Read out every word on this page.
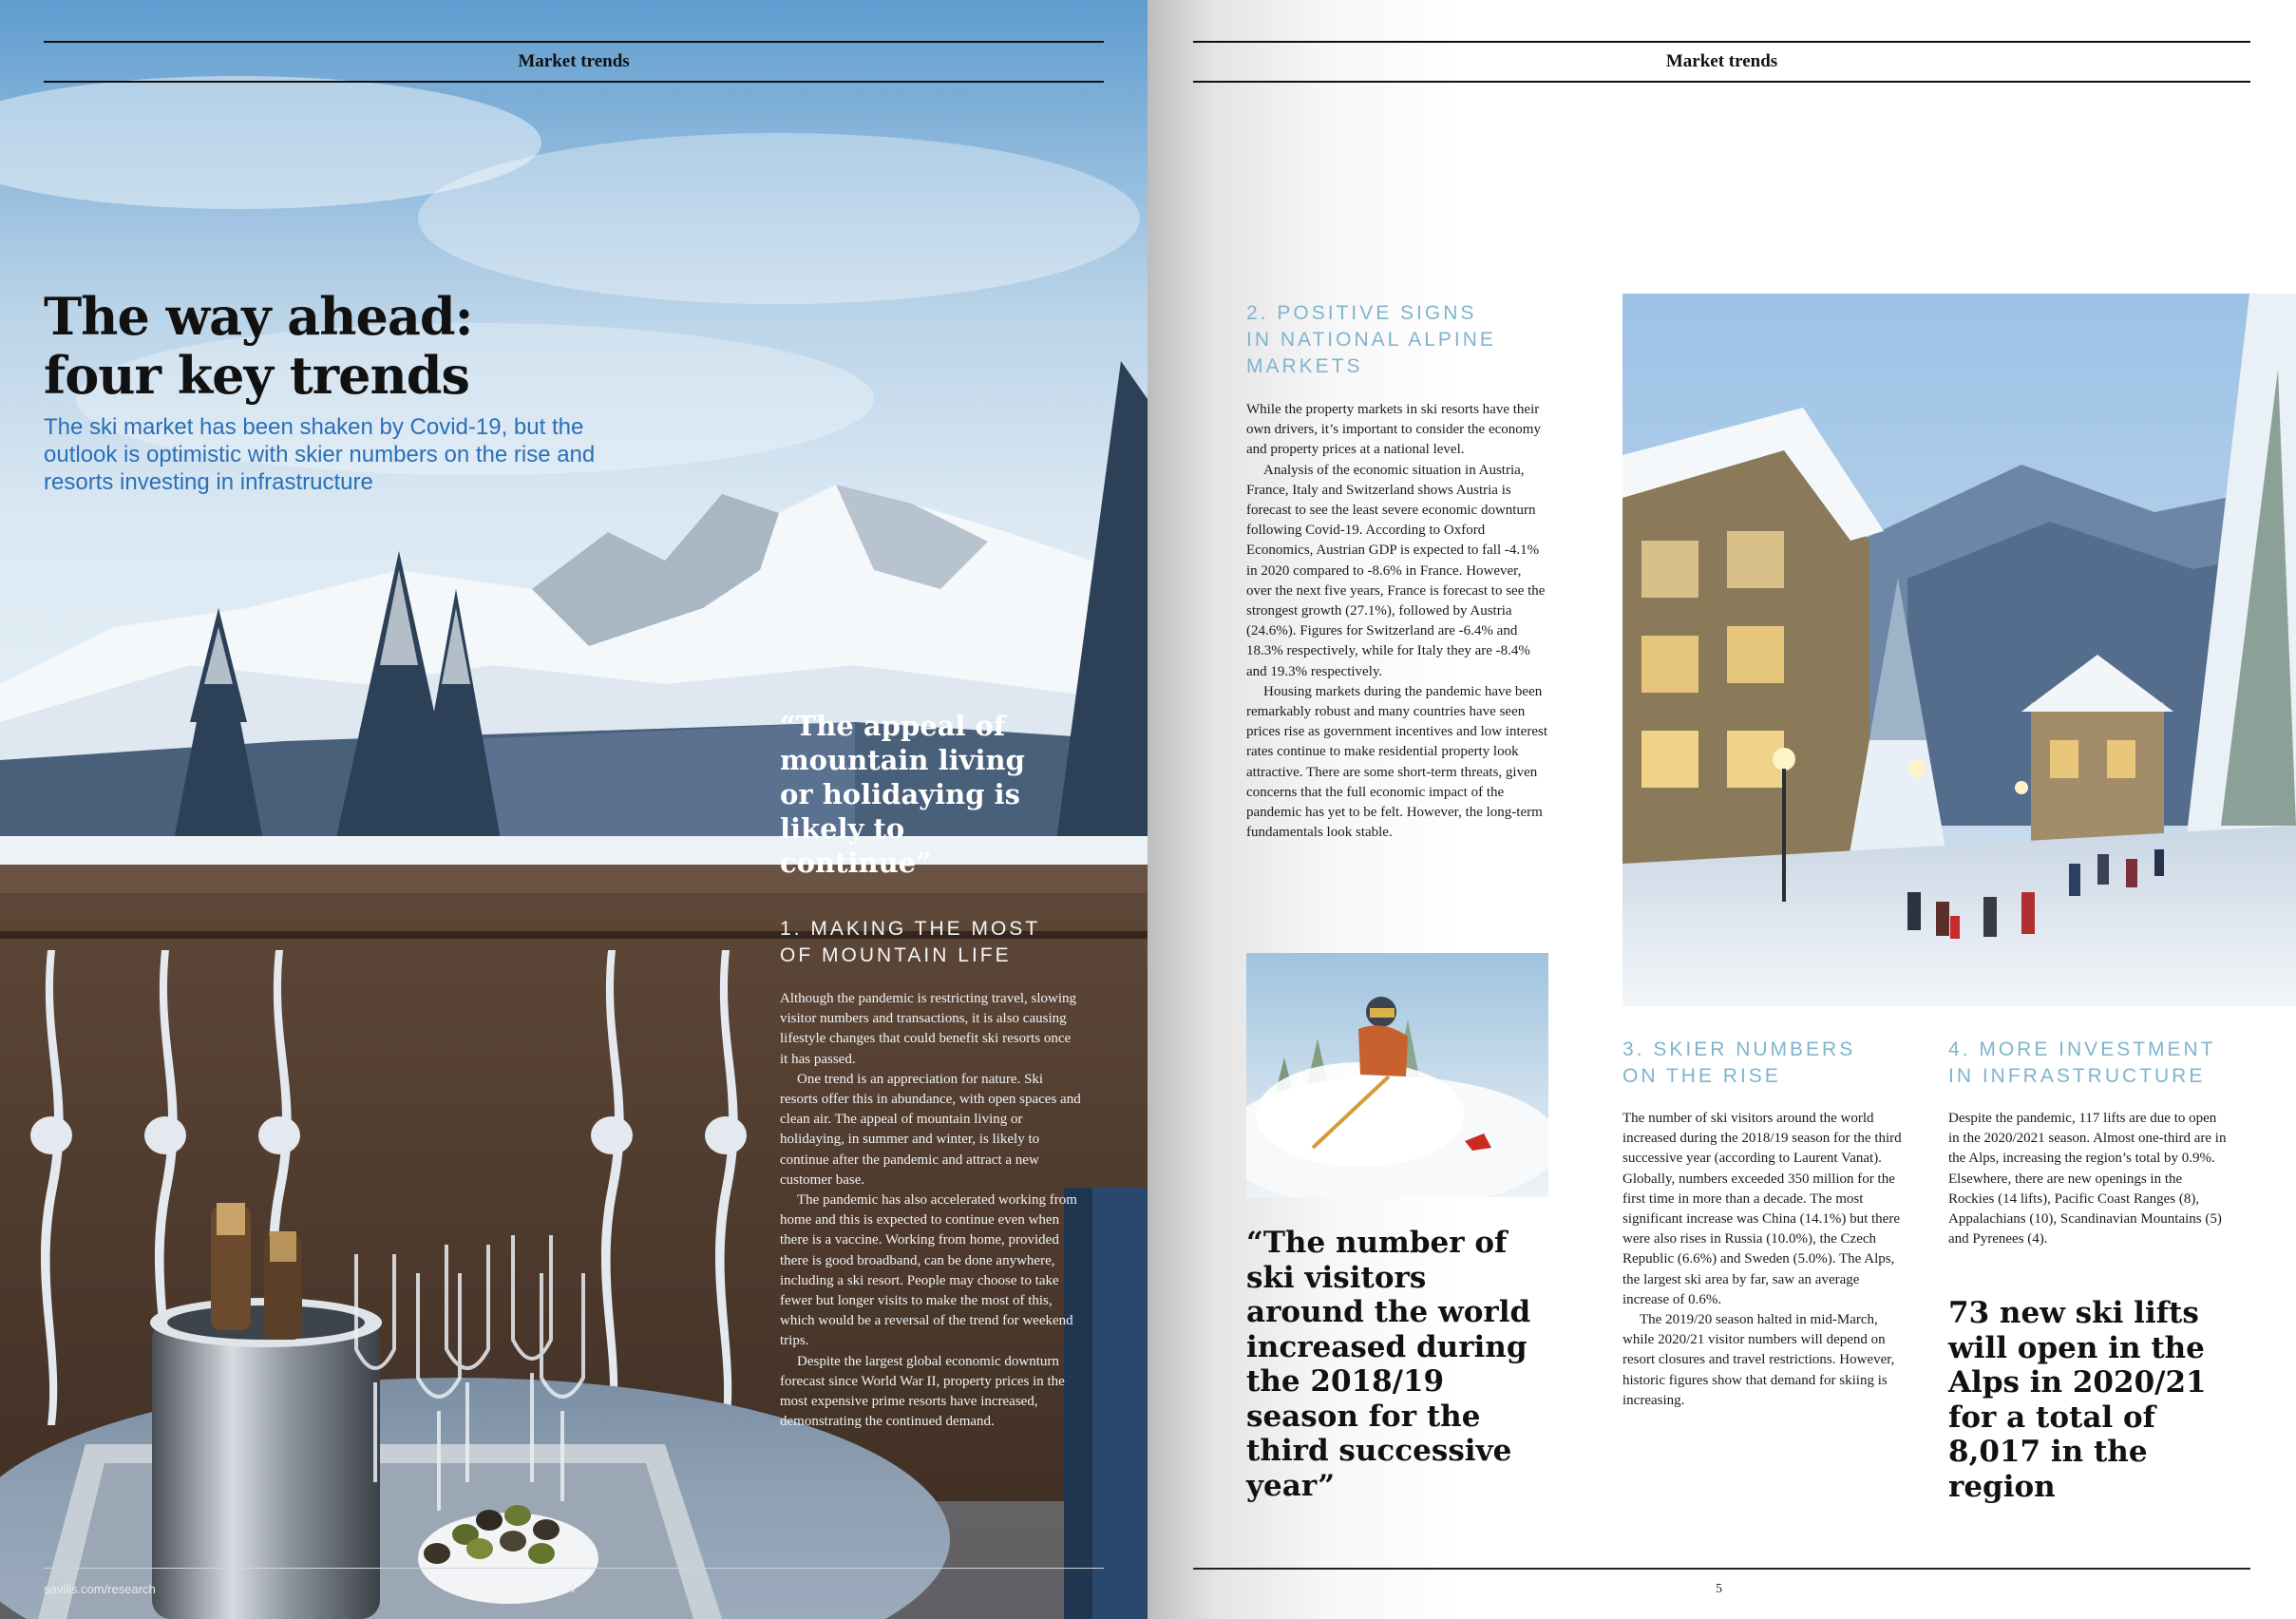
Market trends
The way ahead:
four key trends
The ski market has been shaken by Covid-19, but the outlook is optimistic with skier numbers on the rise and resorts investing in infrastructure
“The appeal of mountain living or holidaying is likely to continue”
1. MAKING THE MOST
OF MOUNTAIN LIFE

Although the pandemic is restricting travel, slowing visitor numbers and transactions, it is also causing lifestyle changes that could benefit ski resorts once it has passed.

One trend is an appreciation for nature. Ski resorts offer this in abundance, with open spaces and clean air. The appeal of mountain living or holidaying, in summer and winter, is likely to continue after the pandemic and attract a new customer base.

The pandemic has also accelerated working from home and this is expected to continue even when there is a vaccine. Working from home, provided there is good broadband, can be done anywhere, including a ski resort. People may choose to take fewer but longer visits to make the most of this, which would be a reversal of the trend for weekend trips.

Despite the largest global economic downturn forecast since World War II, property prices in the most expensive prime resorts have increased, demonstrating the continued demand.

savills.com/research	4
Market trends
2. POSITIVE SIGNS
IN NATIONAL ALPINE
MARKETS

While the property markets in ski resorts have their own drivers, it’s important to consider the economy and property prices at a national level.

Analysis of the economic situation in Austria, France, Italy and Switzerland shows Austria is forecast to see the least severe economic downturn following Covid-19. According to Oxford Economics, Austrian GDP is expected to fall -4.1% in 2020 compared to -8.6% in France. However, over the next five years, France is forecast to see the strongest growth (27.1%), followed by Austria (24.6%). Figures for Switzerland are -6.4% and 18.3% respectively, while for Italy they are -8.4% and 19.3% respectively.

Housing markets during the pandemic have been remarkably robust and many countries have seen prices rise as government incentives and low interest rates continue to make residential property look attractive. There are some short-term threats, given concerns that the full economic impact of the pandemic has yet to be felt. However, the long-term fundamentals look stable.

“The number of ski visitors around the world increased during the 2018/19 season for the third successive year”
3. SKIER NUMBERS
ON THE RISE

The number of ski visitors around the world increased during the 2018/19 season for the third successive year (according to Laurent Vanat). Globally, numbers exceeded 350 million for the first time in more than a decade. The most significant increase was China (14.1%) but there were also rises in Russia (10.0%), the Czech Republic (6.6%) and Sweden (5.0%). The Alps, the largest ski area by far, saw an average increase of 0.6%.

The 2019/20 season halted in mid-March, while 2020/21 visitor numbers will depend on resort closures and travel restrictions. However, historic figures show that demand for skiing is increasing.

4. MORE INVESTMENT
IN INFRASTRUCTURE

Despite the pandemic, 117 lifts are due to open in the 2020/2021 season. Almost one-third are in the Alps, increasing the region’s total by 0.9%. Elsewhere, there are new openings in the Rockies (14 lifts), Pacific Coast Ranges (8), Appalachians (10), Scandinavian Mountains (5) and Pyrenees (4).

73 new ski lifts will open in the Alps in 2020/21 for a total of 8,017 in the region
5
